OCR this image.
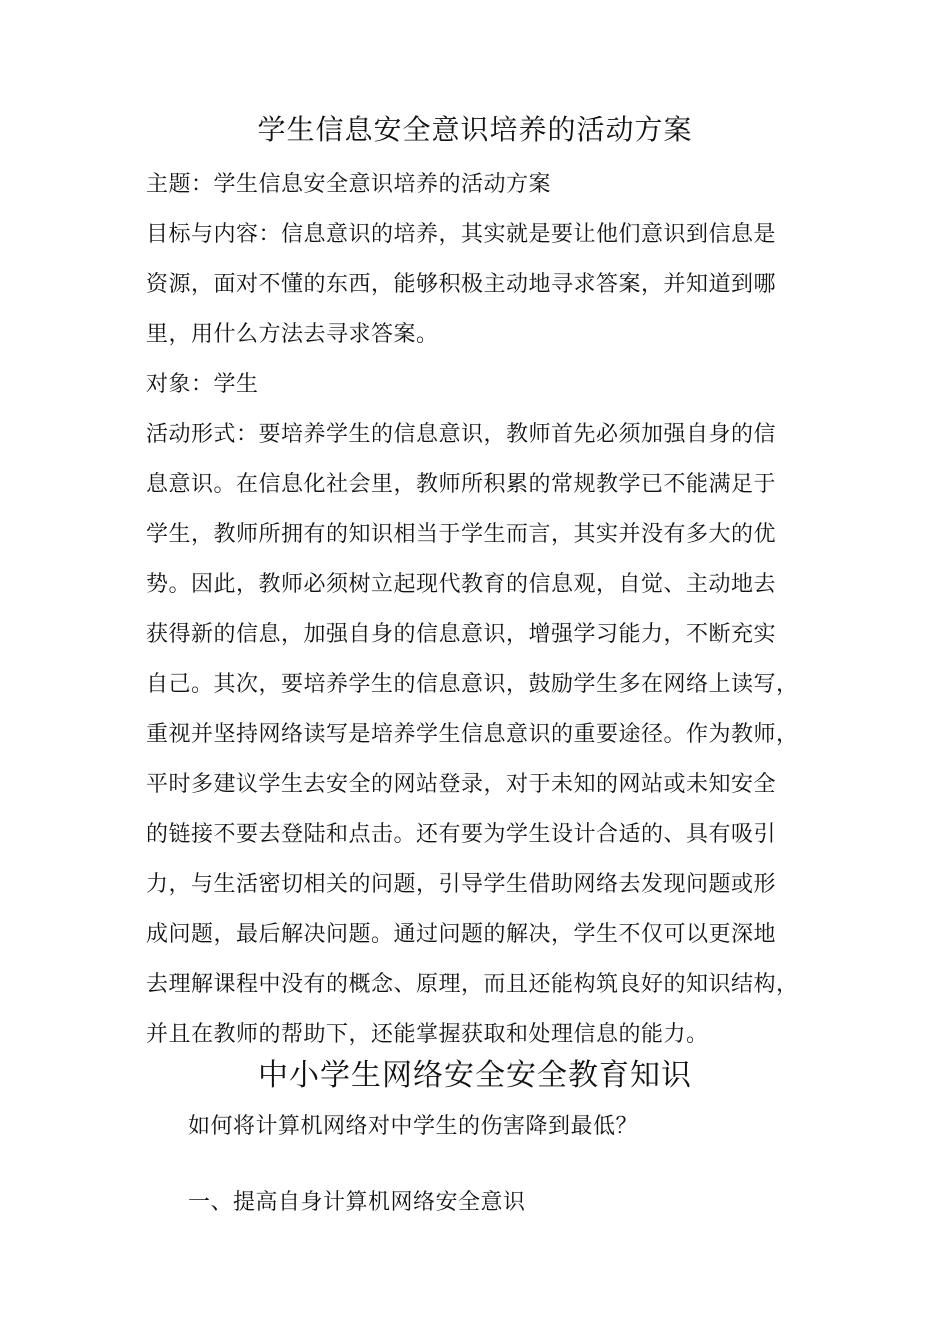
学生信息安全意识培养的活动方案
主题：学生信息安全意识培养的活动方案
目标与内容：信息意识的培养，其实就是要让他们意识到信息是
资源，面对不懂的东西，能够积极主动地寻求答案，并知道到哪
里，用什么方法去寻求答案。
对象：学生
活动形式：要培养学生的信息意识，教师首先必须加强自身的信
息意识。在信息化社会里，教师所积累的常规教学已不能满足于
学生，教师所拥有的知识相当于学生而言，其实并没有多大的优
势。因此，教师必须树立起现代教育的信息观，自觉、主动地去
获得新的信息，加强自身的信息意识，增强学习能力，不断充实
自己。其次，要培养学生的信息意识，鼓励学生多在网络上读写，
重视并坚持网络读写是培养学生信息意识的重要途径。作为教师，
平时多建议学生去安全的网站登录，对于未知的网站或未知安全
的链接不要去登陆和点击。还有要为学生设计合适的、具有吸引
力，与生活密切相关的问题，引导学生借助网络去发现问题或形
成问题，最后解决问题。通过问题的解决，学生不仅可以更深地
去理解课程中没有的概念、原理，而且还能构筑良好的知识结构，
并且在教师的帮助下，还能掌握获取和处理信息的能力。
中小学生网络安全安全教育知识
如何将计算机网络对中学生的伤害降到最低？
一、提高自身计算机网络安全意识
